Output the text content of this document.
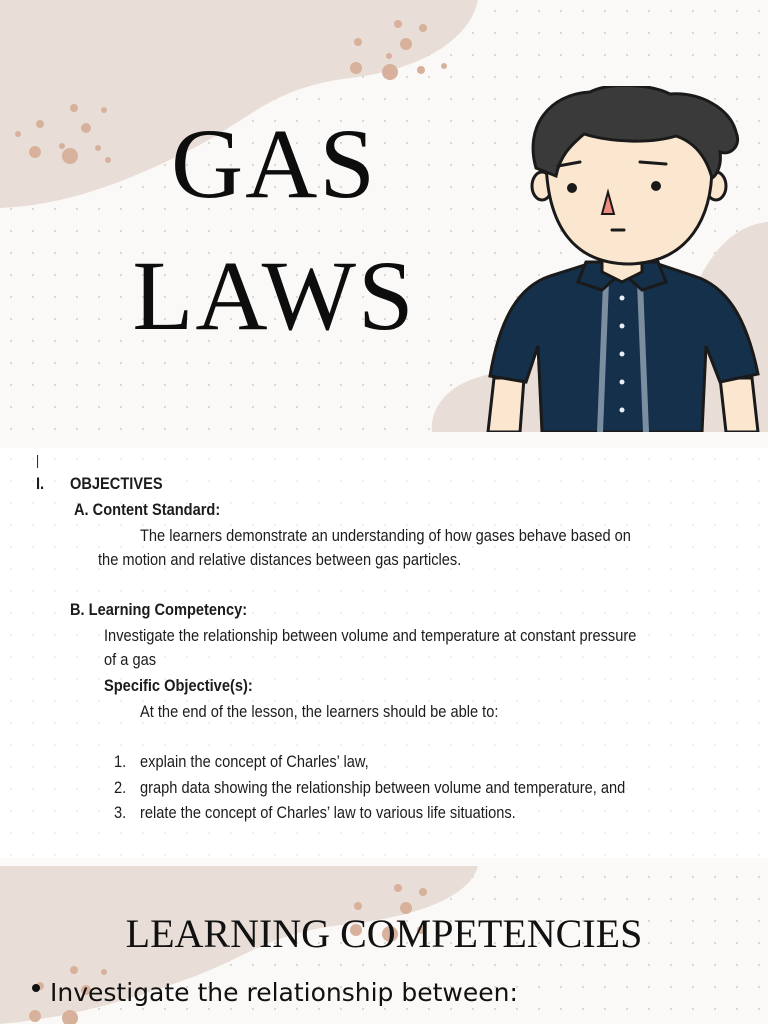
GAS
LAWS
|
I. OBJECTIVES
A. Content Standard:
The learners demonstrate an understanding of how gases behave based on
the motion and relative distances between gas particles.
B. Learning Competency:
Investigate the relationship between volume and temperature at constant pressure
of a gas
Specific Objective(s):
At the end of the lesson, the learners should be able to:
1. explain the concept of Charles’ law,
2. graph data showing the relationship between volume and temperature, and
3. relate the concept of Charles’ law to various life situations.
LEARNING COMPETENCIES
Investigate the relationship between:
